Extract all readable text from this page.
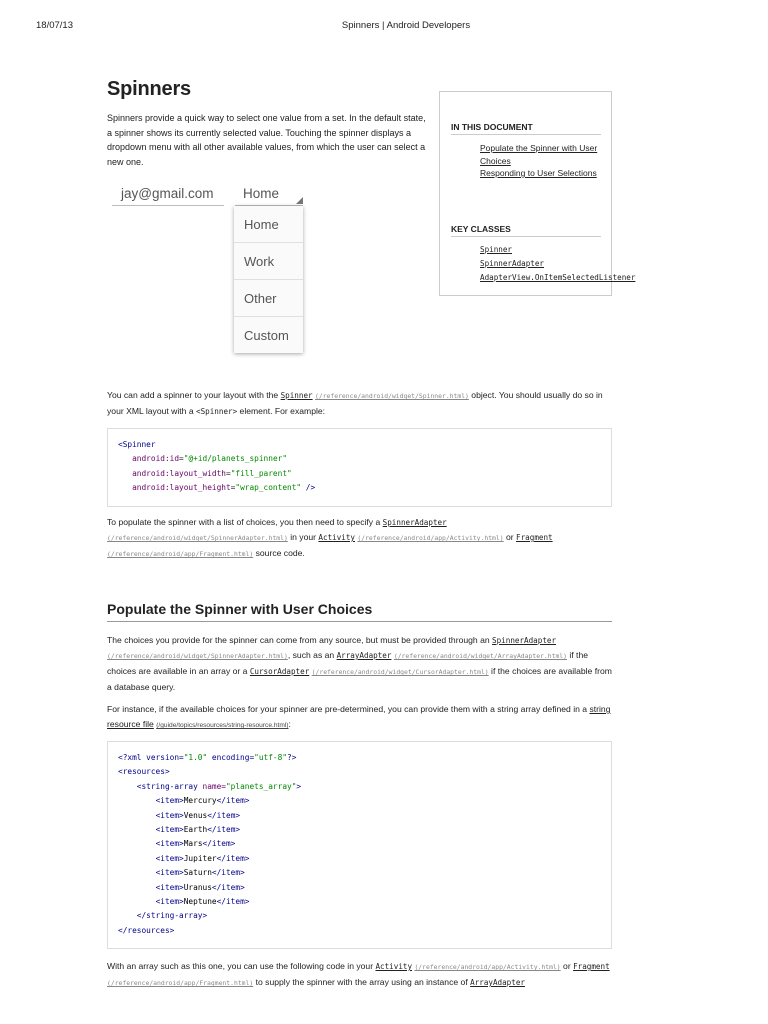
18/07/13	Spinners | Android Developers
Spinners

Spinners provide a quick way to select one value from a set. In the default state, a spinner shows its currently selected value. Touching the spinner displays a dropdown menu with all other available values, from which the user can select a new one.

jay@gmail.com	Home
Home
Work
Other
Custom
IN THIS DOCUMENT
Populate the Spinner with User Choices
Responding to User Selections
KEY CLASSES
Spinner
SpinnerAdapter
AdapterView.OnItemSelectedListener

You can add a spinner to your layout with the Spinner (/reference/android/widget/Spinner.html) object. You should usually do so in your XML layout with a <Spinner> element. For example:

<Spinner
android:id="@+id/planets_spinner"
android:layout_width="fill_parent"
android:layout_height="wrap_content" />

To populate the spinner with a list of choices, you then need to specify a SpinnerAdapter (/reference/android/widget/SpinnerAdapter.html) in your Activity (/reference/android/app/Activity.html) or Fragment (/reference/android/app/Fragment.html) source code.

Populate the Spinner with User Choices

The choices you provide for the spinner can come from any source, but must be provided through an SpinnerAdapter (/reference/android/widget/SpinnerAdapter.html), such as an ArrayAdapter (/reference/android/widget/ArrayAdapter.html) if the choices are available in an array or a CursorAdapter (/reference/android/widget/CursorAdapter.html) if the choices are available from a database query.

For instance, if the available choices for your spinner are pre-determined, you can provide them with a string array defined in a string resource file (/guide/topics/resources/string-resource.html):

<?xml version="1.0" encoding="utf-8"?>
<resources>
<string-array name="planets_array">
<item>Mercury</item>
<item>Venus</item>
<item>Earth</item>
<item>Mars</item>
<item>Jupiter</item>
<item>Saturn</item>
<item>Uranus</item>
<item>Neptune</item>
</string-array>
</resources>

With an array such as this one, you can use the following code in your Activity (/reference/android/app/Activity.html) or Fragment (/reference/android/app/Fragment.html) to supply the spinner with the array using an instance of ArrayAdapter
